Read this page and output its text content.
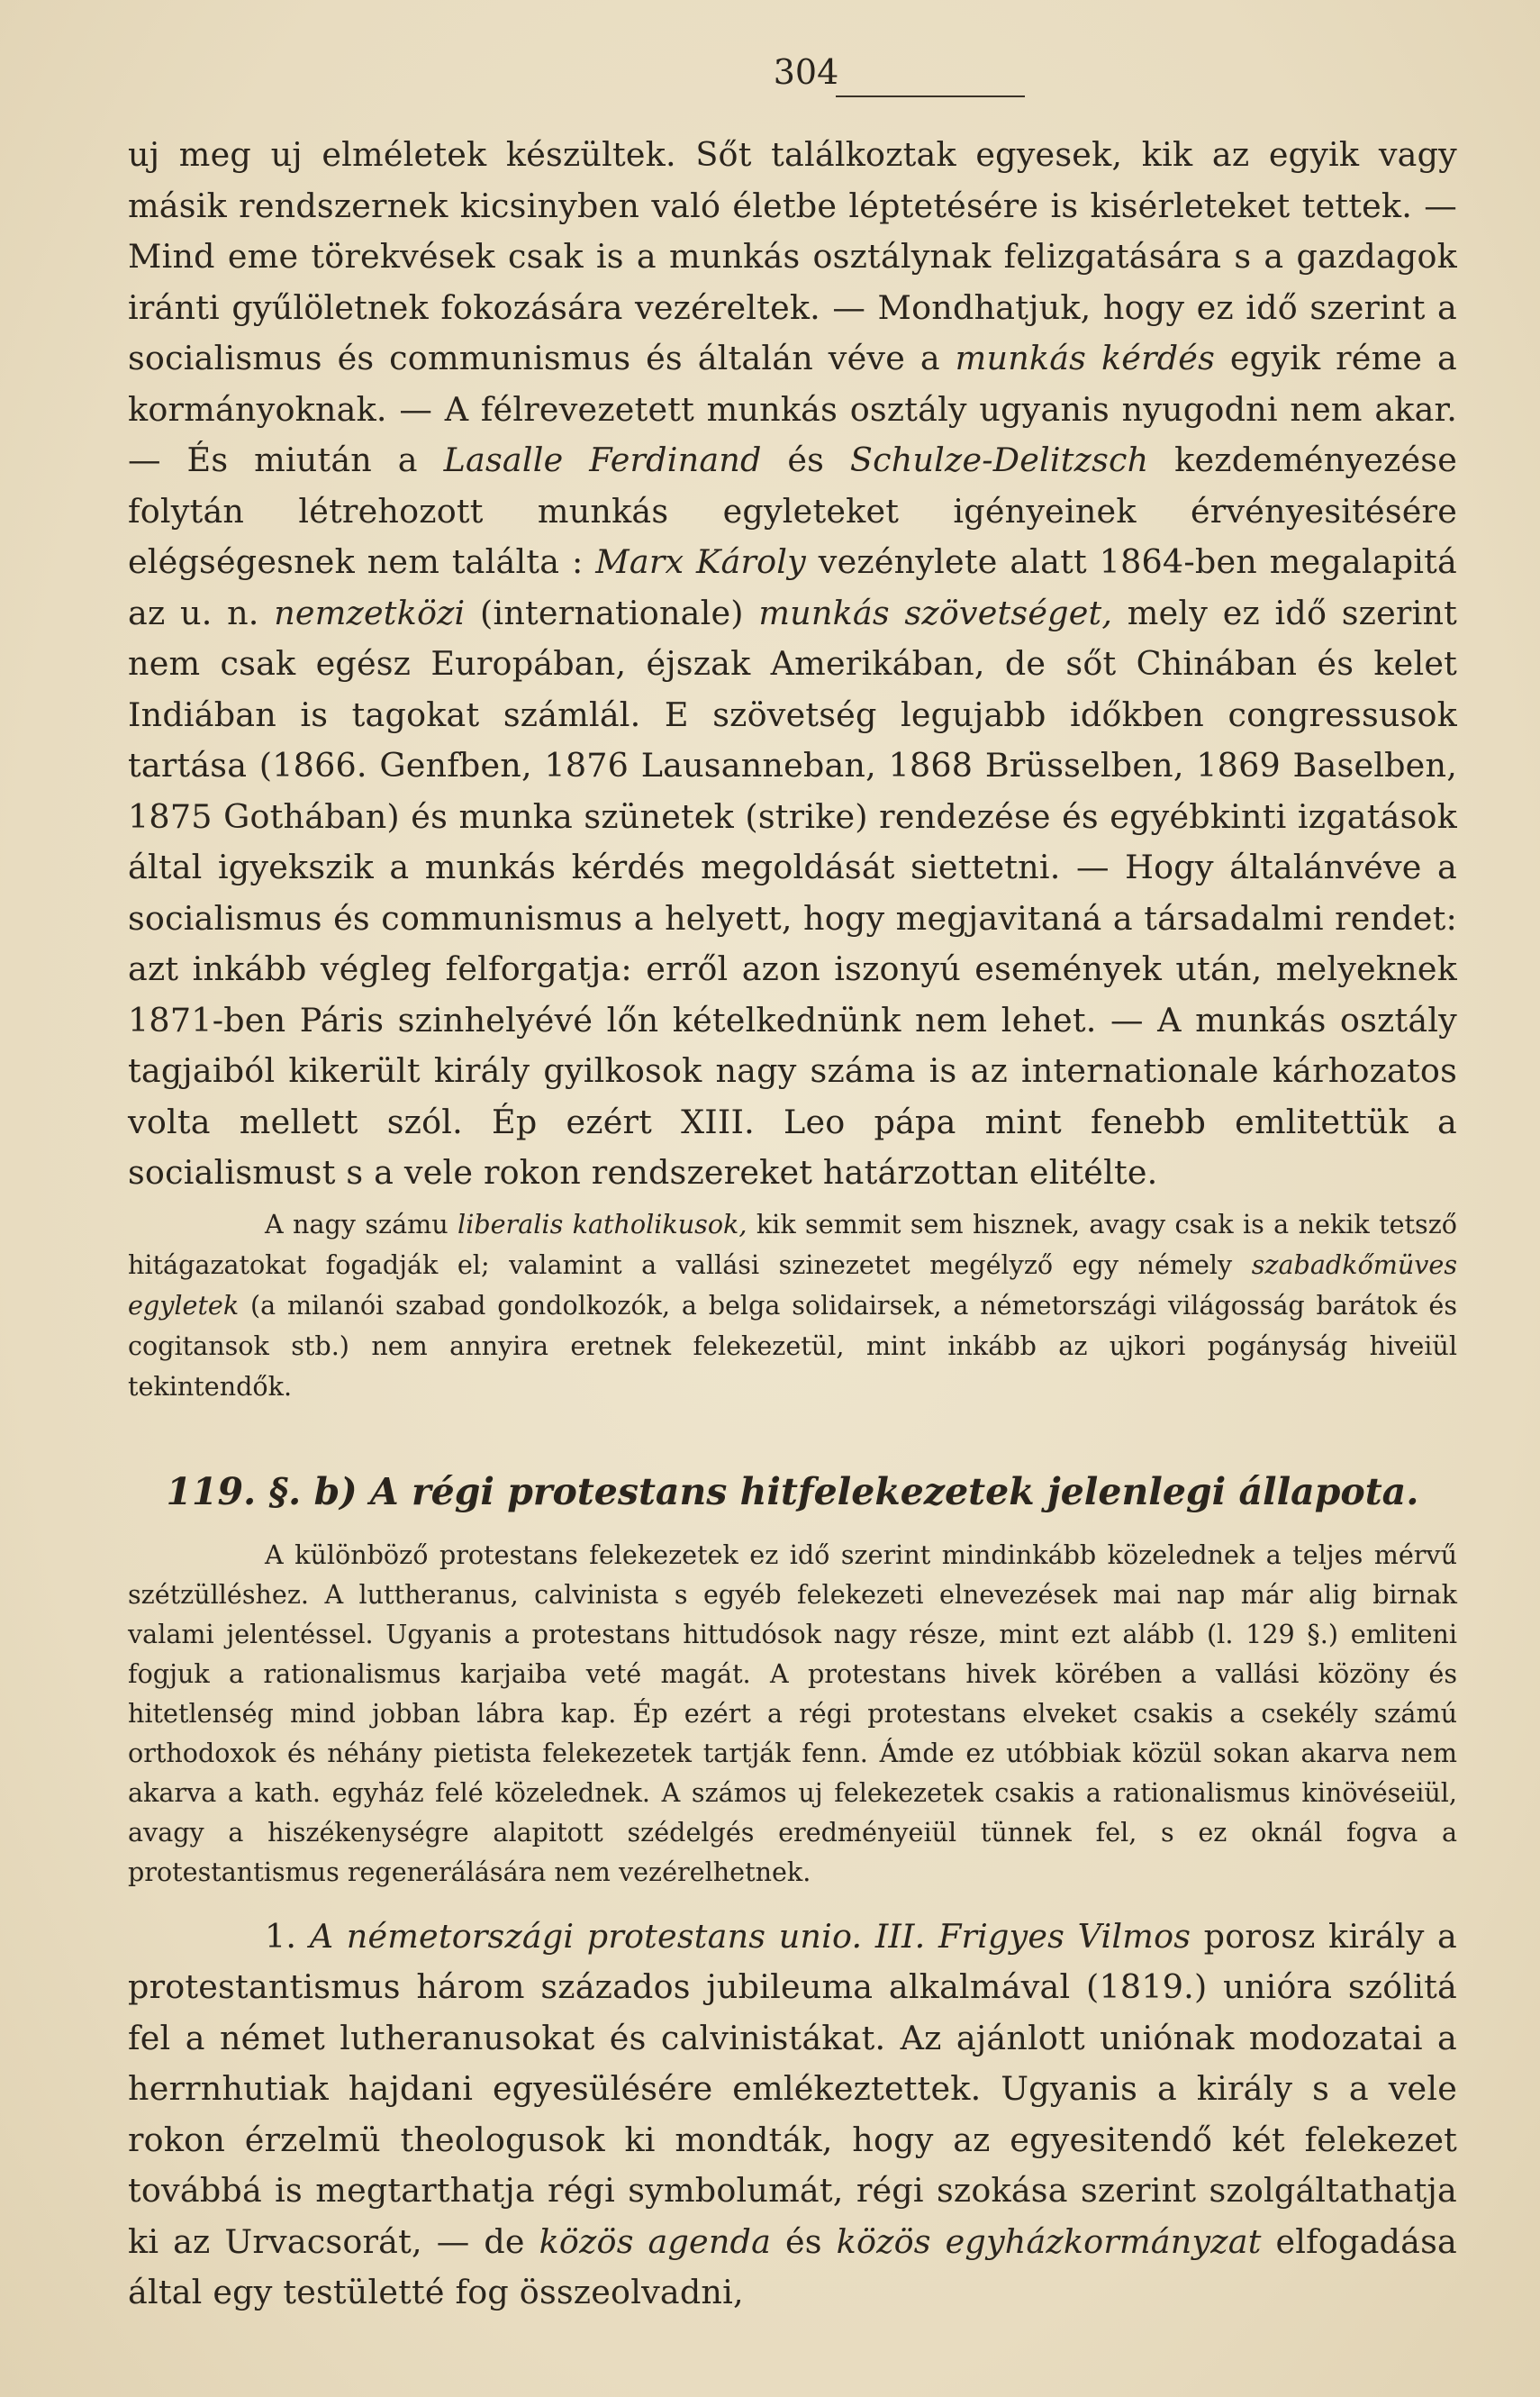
304

uj meg uj elméletek készültek. Sőt találkoztak egyesek, kik az egyik vagy másik rendszernek kicsinyben való életbe léptetésére is kisérleteket tettek. — Mind eme törekvések csak is a munkás osztálynak felizgatására s a gazdagok iránti gyűlöletnek fokozására vezéreltek. — Mondhatjuk, hogy ez idő szerint a socialismus és communismus és általán véve a munkás kérdés egyik réme a kormányoknak. — A félrevezetett munkás osztály ugyanis nyugodni nem akar. — És miután a Lasalle Ferdinand és Schulze-Delitzsch kezdeményezése folytán létrehozott munkás egyleteket igényeinek érvényesitésére elégségesnek nem találta : Marx Károly vezénylete alatt 1864-ben megalapitá az u. n. nemzetközi (internationale) munkás szövetséget, mely ez idő szerint nem csak egész Europában, éjszak Amerikában, de sőt Chinában és kelet Indiában is tagokat számlál. E szövetség legujabb időkben congressusok tartása (1866. Genfben, 1876 Lausanneban, 1868 Brüsselben, 1869 Baselben, 1875 Gothában) és munka szünetek (strike) rendezése és egyébkinti izgatások által igyekszik a munkás kérdés megoldását siettetni. — Hogy általánvéve a socialismus és communismus a helyett, hogy megjavitaná a társadalmi rendet: azt inkább végleg felforgatja: erről azon iszonyú események után, melyeknek 1871-ben Páris szinhelyévé lőn kételkednünk nem lehet. — A munkás osztály tagjaiból kikerült király gyilkosok nagy száma is az internationale kárhozatos volta mellett szól. Ép ezért XIII. Leo pápa mint fenebb emlitettük a socialismust s a vele rokon rendszereket határzottan elitélte.

A nagy számu liberalis katholikusok, kik semmit sem hisznek, avagy csak is a nekik tetsző hitágazatokat fogadják el; valamint a vallási szinezetet megélyző egy némely szabadkőmüves egyletek (a milanói szabad gondolkozók, a belga solidairsek, a németországi világosság barátok és cogitansok stb.) nem annyira eretnek felekezetül, mint inkább az ujkori pogányság hiveiül tekintendők.

119. §. b) A régi protestans hitfelekezetek jelenlegi állapota.

A különböző protestans felekezetek ez idő szerint mindinkább közelednek a teljes mérvű szétzülléshez. A luttheranus, calvinista s egyéb felekezeti elnevezések mai nap már alig birnak valami jelentéssel. Ugyanis a protestans hittudósok nagy része, mint ezt alább (l. 129 §.) emliteni fogjuk a rationalismus karjaiba veté magát. A protestans hivek körében a vallási közöny és hitetlenség mind jobban lábra kap. Ép ezért a régi protestans elveket csakis a csekély számú orthodoxok és néhány pietista felekezetek tartják fenn. Ámde ez utóbbiak közül sokan akarva nem akarva a kath. egyház felé közelednek. A számos uj felekezetek csakis a rationalismus kinövéseiül, avagy a hiszékenységre alapitott szédelgés eredményeiül tünnek fel, s ez oknál fogva a protestantismus regenerálására nem vezérelhetnek.

1. A németországi protestans unio. III. Frigyes Vilmos porosz király a protestantismus három százados jubileuma alkalmával (1819.) unióra szólitá fel a német lutheranusokat és calvinistákat. Az ajánlott uniónak modozatai a herrnhutiak hajdani egyesülésére emlékeztettek. Ugyanis a király s a vele rokon érzelmü theologusok ki mondták, hogy az egyesitendő két felekezet továbbá is megtarthatja régi symbolumát, régi szokása szerint szolgáltathatja ki az Urvacsorát, — de közös agenda és közös egyházkormányzat elfogadása által egy testületté fog összeolvadni,
